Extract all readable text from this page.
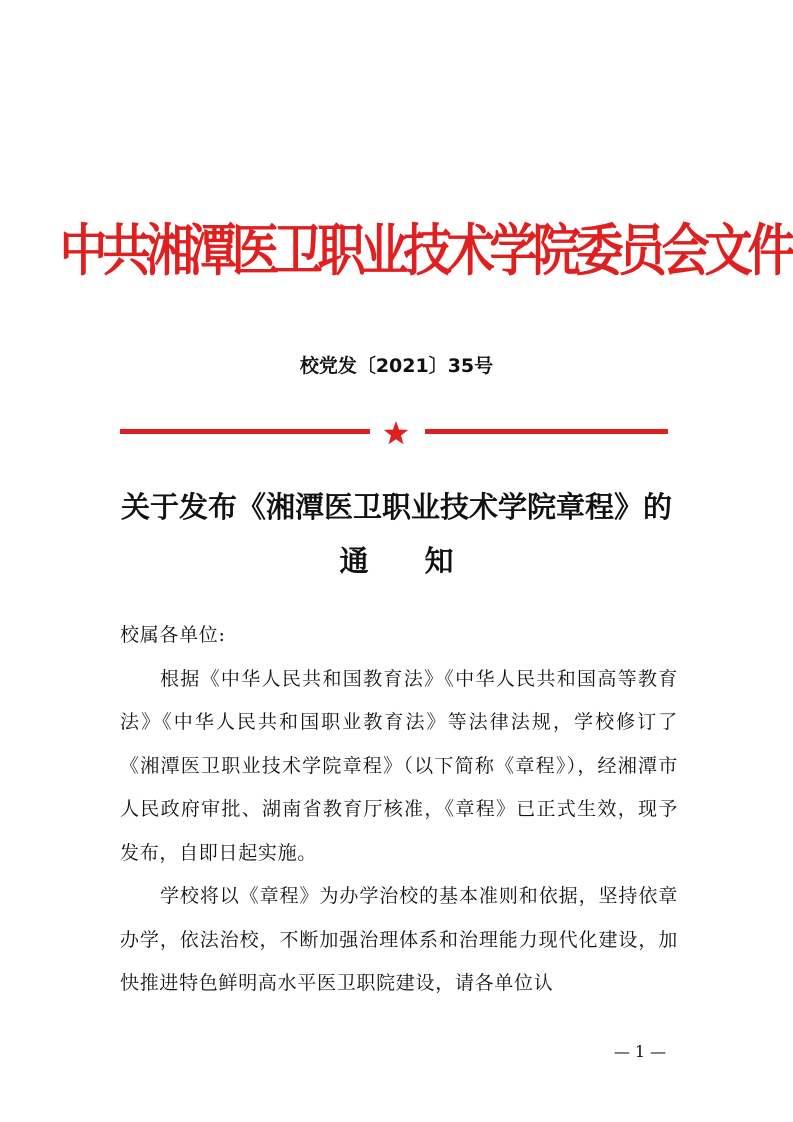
中共湘潭医卫职业技术学院委员会文件
校党发〔2021〕35号
关于发布《湘潭医卫职业技术学院章程》的
通知

校属各单位:

根据《中华人民共和国教育法》《中华人民共和国高等教育法》《中华人民共和国职业教育法》等法律法规，学校修订了《湘潭医卫职业技术学院章程》（以下简称《章程》），经湘潭市人民政府审批、湖南省教育厅核准，《章程》已正式生效，现予发布，自即日起实施。

学校将以《章程》为办学治校的基本准则和依据，坚持依章办学，依法治校，不断加强治理体系和治理能力现代化建设，加快推进特色鲜明高水平医卫职院建设，请各单位认

— 1 —
